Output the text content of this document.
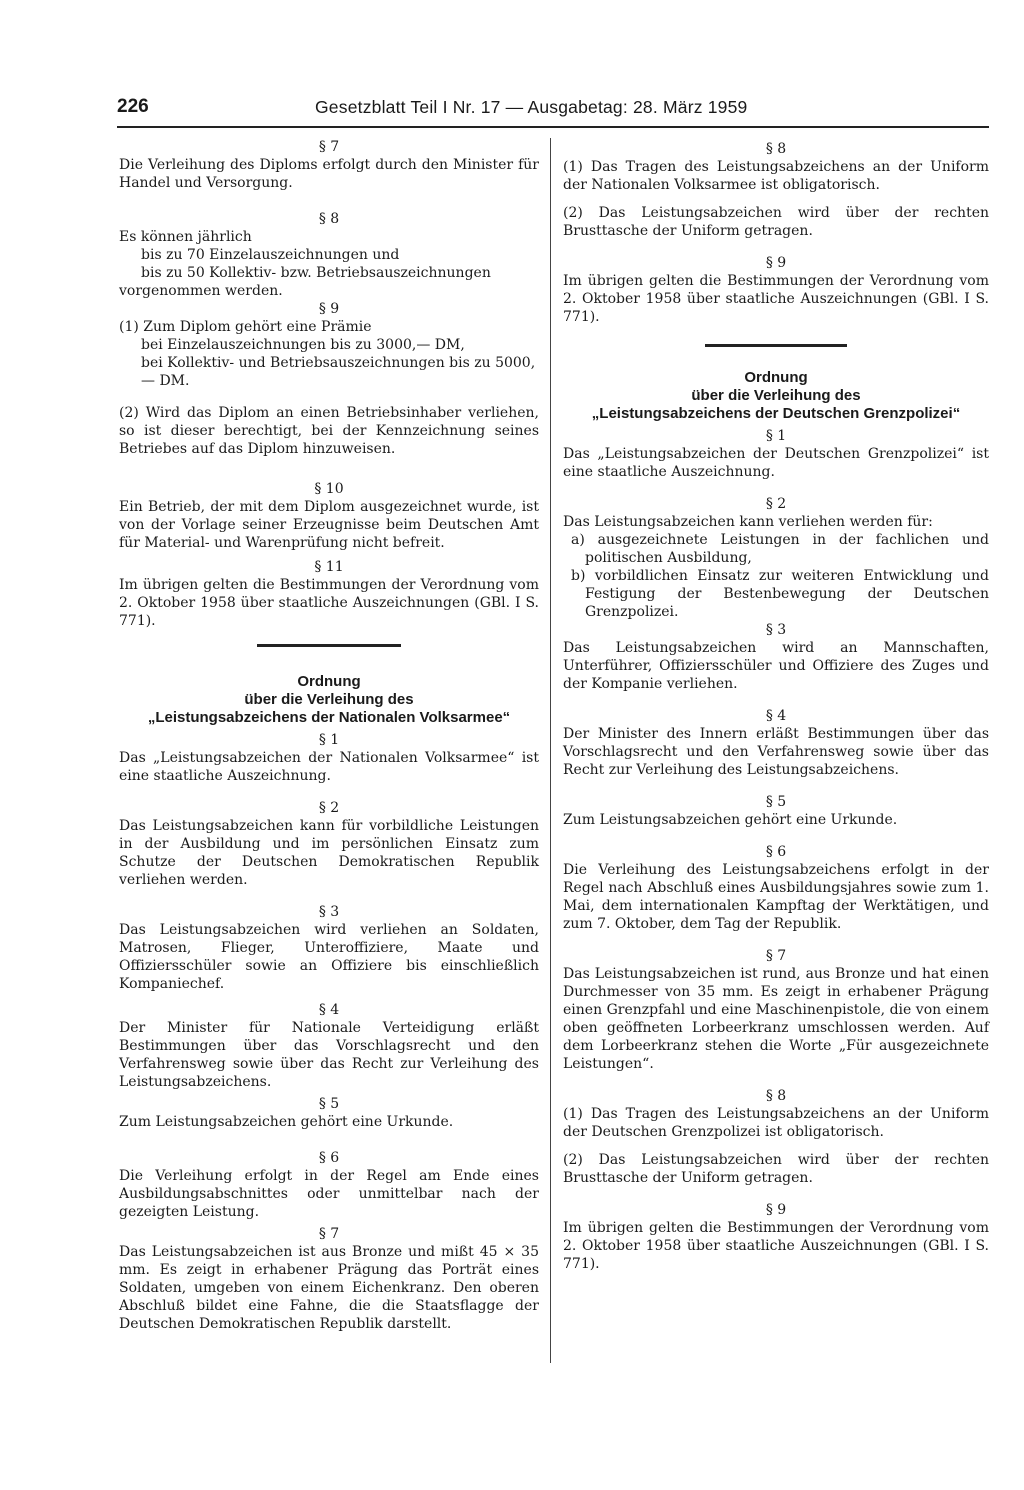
226	Gesetzblatt Teil I Nr. 17 — Ausgabetag: 28. März 1959

§ 7

Die Verleihung des Diploms erfolgt durch den Minister für Handel und Versorgung.

§ 8

Es können jährlich

bis zu 70 Einzelauszeichnungen und

bis zu 50 Kollektiv- bzw. Betriebsauszeichnungen

vorgenommen werden.

§ 9

(1) Zum Diplom gehört eine Prämie

bei Einzelauszeichnungen bis zu 3000,— DM,

bei Kollektiv- und Betriebsauszeichnungen bis zu 5000,— DM.

(2) Wird das Diplom an einen Betriebsinhaber verliehen, so ist dieser berechtigt, bei der Kennzeichnung seines Betriebes auf das Diplom hinzuweisen.

§ 10

Ein Betrieb, der mit dem Diplom ausgezeichnet wurde, ist von der Vorlage seiner Erzeugnisse beim Deutschen Amt für Material- und Warenprüfung nicht befreit.

§ 11

Im übrigen gelten die Bestimmungen der Verordnung vom 2. Oktober 1958 über staatliche Auszeichnungen (GBl. I S. 771).

Ordnung

über die Verleihung des

„Leistungsabzeichens der Nationalen Volksarmee“

§ 1

Das „Leistungsabzeichen der Nationalen Volksarmee“ ist eine staatliche Auszeichnung.

§ 2

Das Leistungsabzeichen kann für vorbildliche Leistungen in der Ausbildung und im persönlichen Einsatz zum Schutze der Deutschen Demokratischen Republik verliehen werden.

§ 3

Das Leistungsabzeichen wird verliehen an Soldaten, Matrosen, Flieger, Unteroffiziere, Maate und Offiziersschüler sowie an Offiziere bis einschließlich Kompaniechef.

§ 4

Der Minister für Nationale Verteidigung erläßt Bestimmungen über das Vorschlagsrecht und den Verfahrensweg sowie über das Recht zur Verleihung des Leistungsabzeichens.

§ 5

Zum Leistungsabzeichen gehört eine Urkunde.

§ 6

Die Verleihung erfolgt in der Regel am Ende eines Ausbildungsabschnittes oder unmittelbar nach der gezeigten Leistung.

§ 7

Das Leistungsabzeichen ist aus Bronze und mißt 45 × 35 mm. Es zeigt in erhabener Prägung das Porträt eines Soldaten, umgeben von einem Eichenkranz. Den oberen Abschluß bildet eine Fahne, die die Staatsflagge der Deutschen Demokratischen Republik darstellt.

§ 8

(1) Das Tragen des Leistungsabzeichens an der Uniform der Nationalen Volksarmee ist obligatorisch.

(2) Das Leistungsabzeichen wird über der rechten Brusttasche der Uniform getragen.

§ 9

Im übrigen gelten die Bestimmungen der Verordnung vom 2. Oktober 1958 über staatliche Auszeichnungen (GBl. I S. 771).

Ordnung

über die Verleihung des

„Leistungsabzeichens der Deutschen Grenzpolizei“

§ 1

Das „Leistungsabzeichen der Deutschen Grenzpolizei“ ist eine staatliche Auszeichnung.

§ 2

Das Leistungsabzeichen kann verliehen werden für:

a) ausgezeichnete Leistungen in der fachlichen und politischen Ausbildung,

b) vorbildlichen Einsatz zur weiteren Entwicklung und Festigung der Bestenbewegung der Deutschen Grenzpolizei.

§ 3

Das Leistungsabzeichen wird an Mannschaften, Unterführer, Offiziersschüler und Offiziere des Zuges und der Kompanie verliehen.

§ 4

Der Minister des Innern erläßt Bestimmungen über das Vorschlagsrecht und den Verfahrensweg sowie über das Recht zur Verleihung des Leistungsabzeichens.

§ 5

Zum Leistungsabzeichen gehört eine Urkunde.

§ 6

Die Verleihung des Leistungsabzeichens erfolgt in der Regel nach Abschluß eines Ausbildungsjahres sowie zum 1. Mai, dem internationalen Kampftag der Werktätigen, und zum 7. Oktober, dem Tag der Republik.

§ 7

Das Leistungsabzeichen ist rund, aus Bronze und hat einen Durchmesser von 35 mm. Es zeigt in erhabener Prägung einen Grenzpfahl und eine Maschinenpistole, die von einem oben geöffneten Lorbeerkranz umschlossen werden. Auf dem Lorbeerkranz stehen die Worte „Für ausgezeichnete Leistungen“.

§ 8

(1) Das Tragen des Leistungsabzeichens an der Uniform der Deutschen Grenzpolizei ist obligatorisch.

(2) Das Leistungsabzeichen wird über der rechten Brusttasche der Uniform getragen.

§ 9

Im übrigen gelten die Bestimmungen der Verordnung vom 2. Oktober 1958 über staatliche Auszeichnungen (GBl. I S. 771).
